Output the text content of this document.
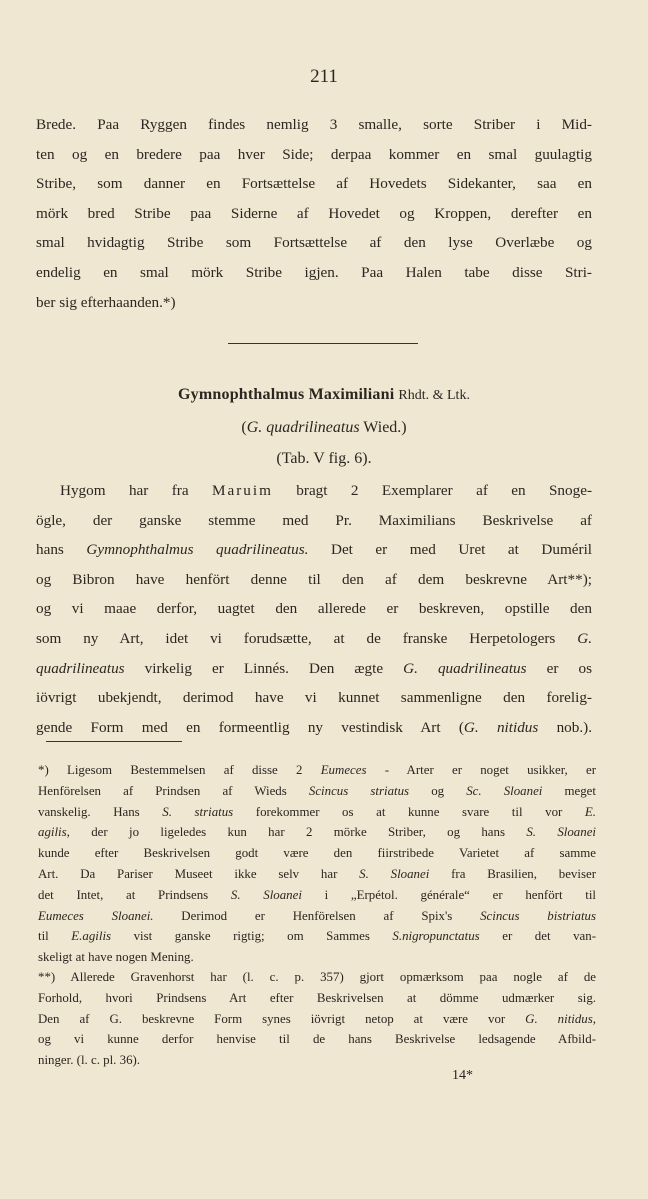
211
Brede. Paa Ryggen findes nemlig 3 smalle, sorte Striber i Mid-
ten og en bredere paa hver Side; derpaa kommer en smal guulagtig
Stribe, som danner en Fortsættelse af Hovedets Sidekanter, saa en
mörk bred Stribe paa Siderne af Hovedet og Kroppen, derefter en
smal hvidagtig Stribe som Fortsættelse af den lyse Overlæbe og
endelig en smal mörk Stribe igjen. Paa Halen tabe disse Stri-
ber sig efterhaanden.*)
Gymnophthalmus Maximiliani Rhdt. & Ltk.
(G. quadrilineatus Wied.)
(Tab. V fig. 6).
Hygom har fra Maruim bragt 2 Exemplarer af en Snoge-
ögle, der ganske stemme med Pr. Maximilians Beskrivelse af
hans Gymnophthalmus quadrilineatus. Det er med Uret at Duméril
og Bibron have henfört denne til den af dem beskrevne Art**);
og vi maae derfor, uagtet den allerede er beskreven, opstille den
som ny Art, idet vi forudsætte, at de franske Herpetologers G.
quadrilineatus virkelig er Linnés. Den ægte G. quadrilineatus er os
iövrigt ubekjendt, derimod have vi kunnet sammenligne den forelig-
gende Form med en formeentlig ny vestindisk Art (G. nitidus nob.).
*) Ligesom Bestemmelsen af disse 2 Eumeces - Arter er noget usikker, er
Henförelsen af Prindsen af Wieds Scincus striatus og Sc. Sloanei meget
vanskelig. Hans S. striatus forekommer os at kunne svare til vor E.
agilis, der jo ligeledes kun har 2 mörke Striber, og hans S. Sloanei
kunde efter Beskrivelsen godt være den fiirstribede Varietet af samme
Art. Da Pariser Museet ikke selv har S. Sloanei fra Brasilien, beviser
det Intet, at Prindsens S. Sloanei i „Erpétol. générale“ er henfört til
Eumeces Sloanei. Derimod er Henförelsen af Spix's Scincus bistriatus
til E.agilis vist ganske rigtig; om Sammes S.nigropunctatus er det van-
skeligt at have nogen Mening.
**) Allerede Gravenhorst har (l. c. p. 357) gjort opmærksom paa nogle af de
Forhold, hvori Prindsens Art efter Beskrivelsen at dömme udmærker sig.
Den af G. beskrevne Form synes iövrigt netop at være vor G. nitidus,
og vi kunne derfor henvise til de hans Beskrivelse ledsagende Afbild-
ninger. (l. c. pl. 36).
14*
